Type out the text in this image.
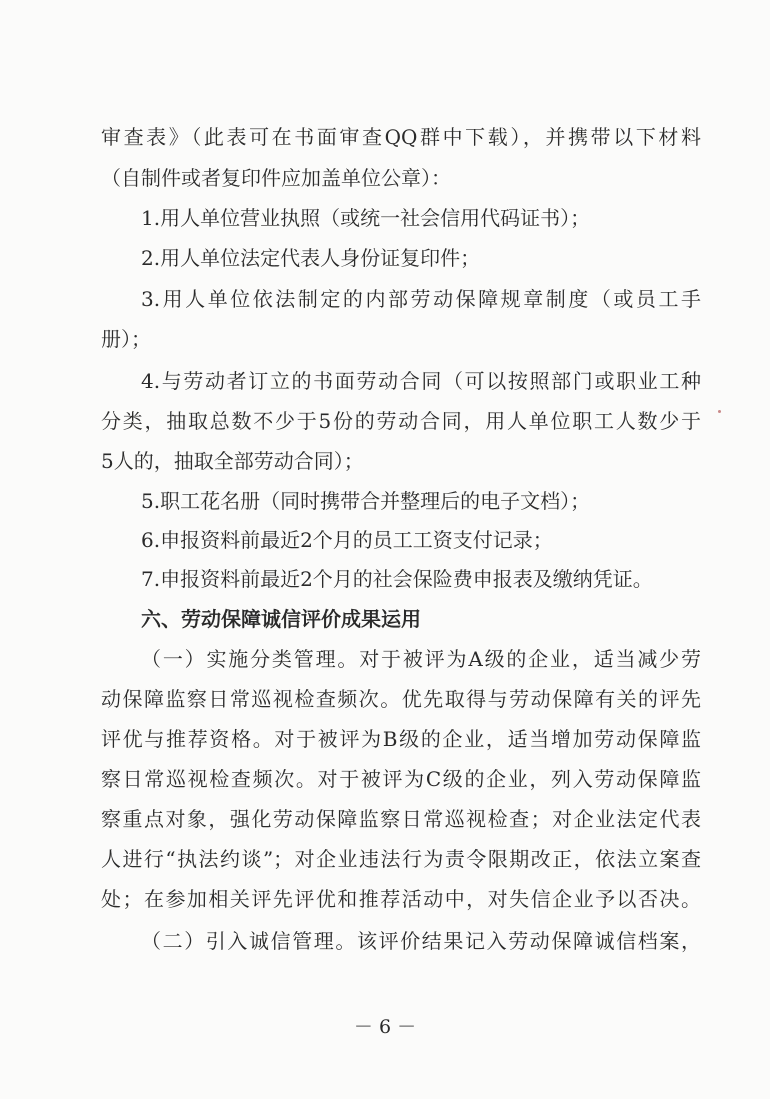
审查表》（此表可在书面审查QQ群中下载），并携带以下材料
（自制件或者复印件应加盖单位公章）：
1.用人单位营业执照（或统一社会信用代码证书）；
2.用人单位法定代表人身份证复印件；
3.用人单位依法制定的内部劳动保障规章制度（或员工手
册）；
4.与劳动者订立的书面劳动合同（可以按照部门或职业工种
分类，抽取总数不少于5份的劳动合同，用人单位职工人数少于
5人的，抽取全部劳动合同）；
5.职工花名册（同时携带合并整理后的电子文档）；
6.申报资料前最近2个月的员工工资支付记录；
7.申报资料前最近2个月的社会保险费申报表及缴纳凭证。
六、劳动保障诚信评价成果运用
（一）实施分类管理。对于被评为A级的企业，适当减少劳
动保障监察日常巡视检查频次。优先取得与劳动保障有关的评先
评优与推荐资格。对于被评为B级的企业，适当增加劳动保障监
察日常巡视检查频次。对于被评为C级的企业，列入劳动保障监
察重点对象，强化劳动保障监察日常巡视检查；对企业法定代表
人进行“执法约谈”；对企业违法行为责令限期改正，依法立案查
处；在参加相关评先评优和推荐活动中，对失信企业予以否决。
（二）引入诚信管理。该评价结果记入劳动保障诚信档案，
－ 6 －
